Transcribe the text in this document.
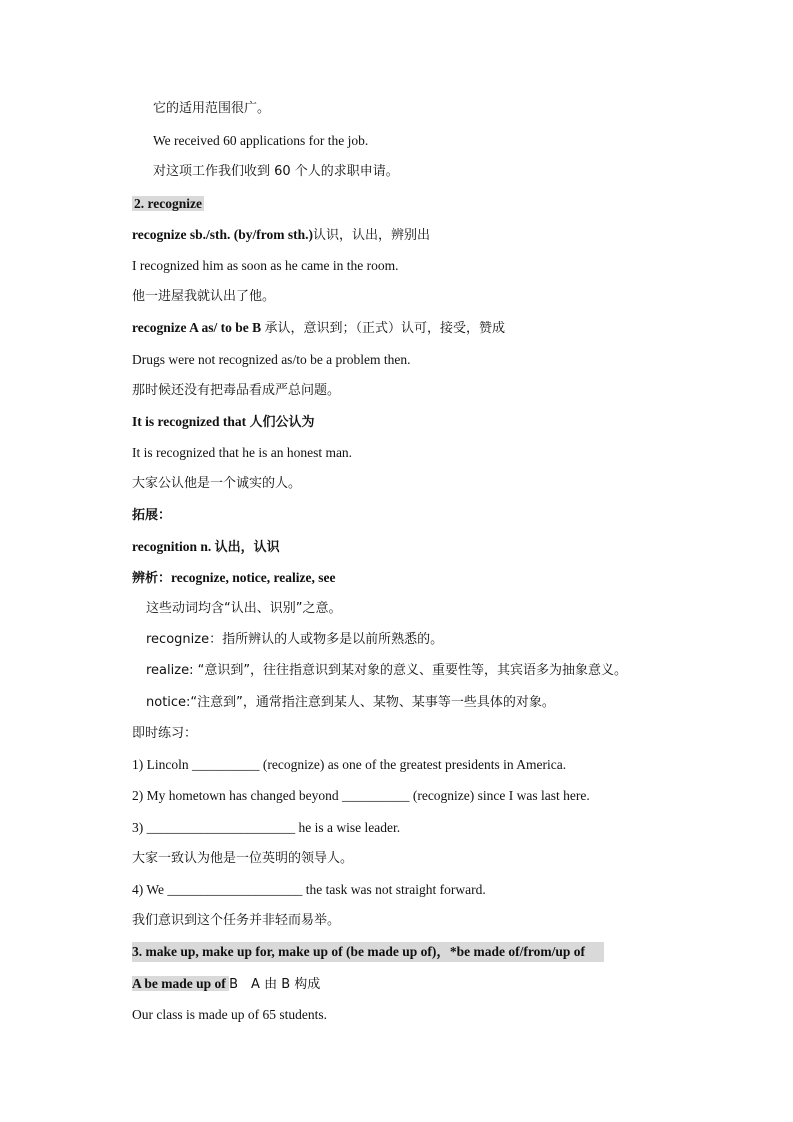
它的适用范围很广。
We received 60 applications for the job.
对这项工作我们收到 60 个人的求职申请。
2. recognize
recognize sb./sth. (by/from sth.)认识，认出，辨别出
I recognized him as soon as he came in the room.
他一进屋我就认出了他。
recognize A as/ to be B 承认，意识到；（正式）认可，接受，赞成
Drugs were not recognized as/to be a problem then.
那时候还没有把毒品看成严总问题。
It is recognized that 人们公认为
It is recognized that he is an honest man.
大家公认他是一个诚实的人。
拓展：
recognition n. 认出，认识
辨析：recognize, notice, realize, see
这些动词均含“认出、识别”之意。
recognize：指所辨认的人或物多是以前所熟悉的。
realize: “意识到”，往往指意识到某对象的意义、重要性等，其宾语多为抽象意义。
notice:“注意到”，通常指注意到某人、某物、某事等一些具体的对象。
即时练习：
1) Lincoln __________ (recognize) as one of the greatest presidents in America.
2) My hometown has changed beyond __________ (recognize) since I was last here.
3) ______________________ he is a wise leader.
大家一致认为他是一位英明的领导人。
4) We ____________________ the task was not straight forward.
我们意识到这个任务并非轻而易举。
3. make up, make up for, make up of (be made up of)，*be made of/from/up of
A be made up of B　A 由 B 构成
Our class is made up of 65 students.
